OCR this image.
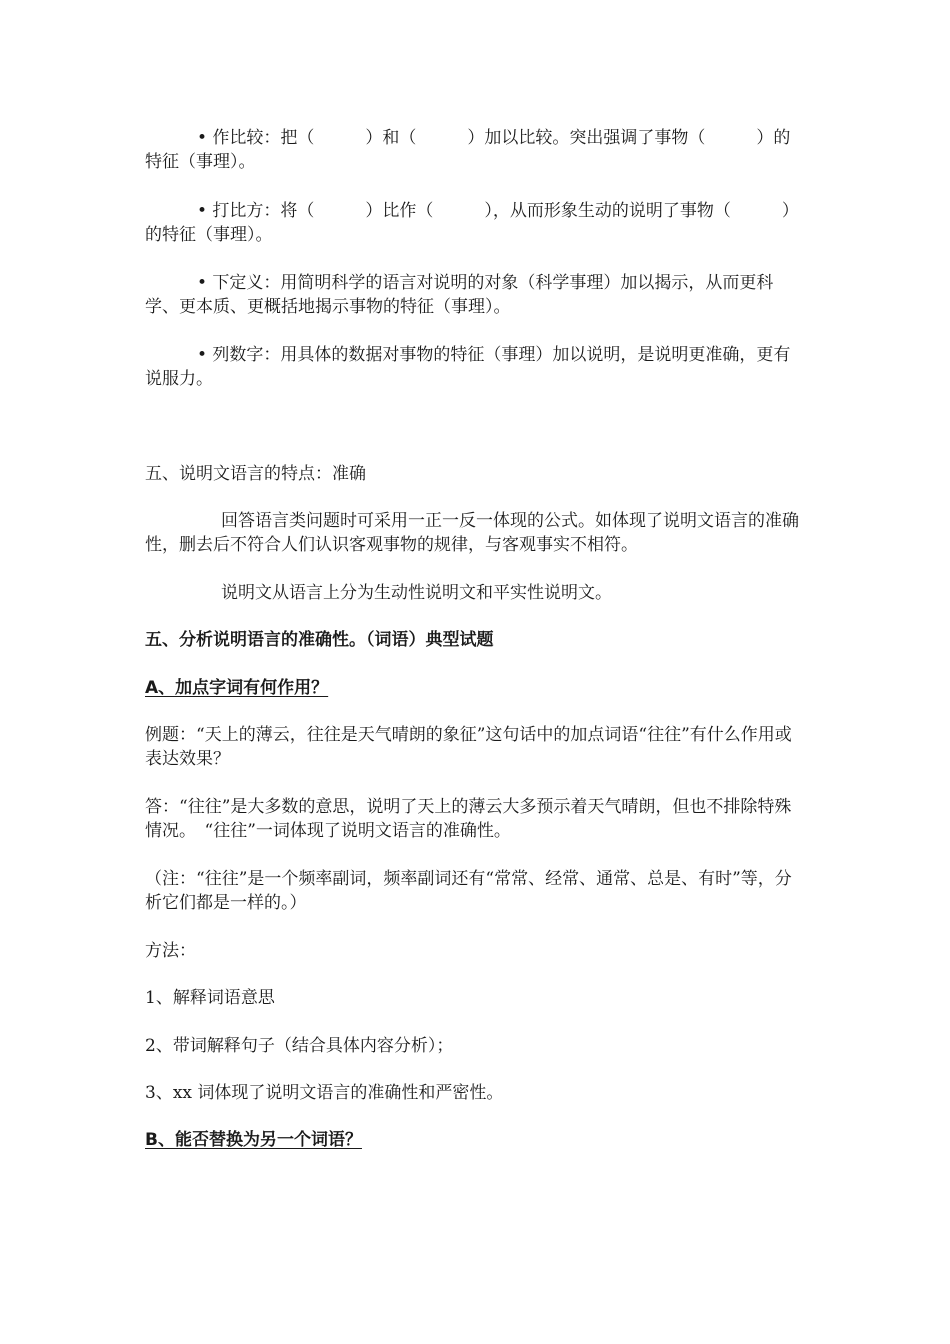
• 作比较：把（　　　）和（　　　）加以比较。突出强调了事物（　　　）的特征（事理）。

• 打比方：将（　　　）比作（　　　），从而形象生动的说明了事物（　　　）的特征（事理）。

• 下定义：用简明科学的语言对说明的对象（科学事理）加以揭示，从而更科学、更本质、更概括地揭示事物的特征（事理）。

• 列数字：用具体的数据对事物的特征（事理）加以说明，是说明更准确，更有说服力。

五、说明文语言的特点：准确

回答语言类问题时可采用一正一反一体现的公式。如体现了说明文语言的准确性，删去后不符合人们认识客观事物的规律，与客观事实不相符。

说明文从语言上分为生动性说明文和平实性说明文。

五、分析说明语言的准确性。（词语）典型试题

A、加点字词有何作用？

例题：“天上的薄云，往往是天气晴朗的象征”这句话中的加点词语“往往”有什么作用或表达效果？

答：“往往”是大多数的意思，说明了天上的薄云大多预示着天气晴朗，但也不排除特殊情况。　“往往”一词体现了说明文语言的准确性。

（注：“往往”是一个频率副词，频率副词还有“常常、经常、通常、总是、有时”等，分析它们都是一样的。）

方法：

1、解释词语意思

2、带词解释句子（结合具体内容分析）；

3、xx 词体现了说明文语言的准确性和严密性。

B、能否替换为另一个词语？
